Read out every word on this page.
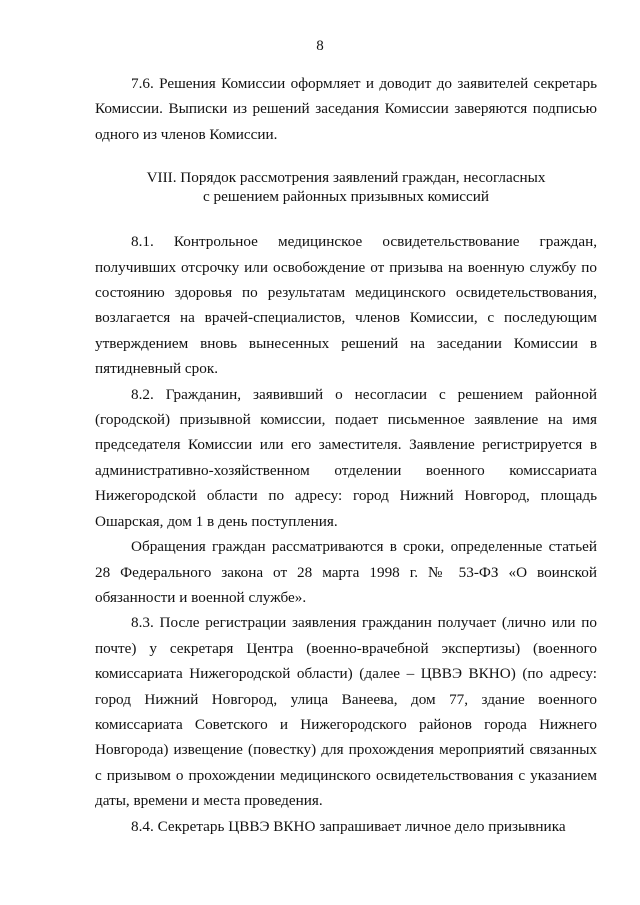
8

7.6. Решения Комиссии оформляет и доводит до заявителей секретарь Комиссии. Выписки из решений заседания Комиссии заверяются подписью одного из членов Комиссии.

VIII. Порядок рассмотрения заявлений граждан, несогласных
с решением районных призывных комиссий

8.1. Контрольное медицинское освидетельствование граждан, получивших отсрочку или освобождение от призыва на военную службу по состоянию здоровья по результатам медицинского освидетельствования, возлагается на врачей-специалистов, членов Комиссии, с последующим утверждением вновь вынесенных решений на заседании Комиссии в пятидневный срок.

8.2. Гражданин, заявивший о несогласии с решением районной (городской) призывной комиссии, подает письменное заявление на имя председателя Комиссии или его заместителя. Заявление регистрируется в административно-хозяйственном отделении военного комиссариата Нижегородской области по адресу: город Нижний Новгород, площадь Ошарская, дом 1 в день поступления.

Обращения граждан рассматриваются в сроки, определенные статьей 28 Федерального закона от 28 марта 1998 г. № 53-ФЗ «О воинской обязанности и военной службе».

8.3. После регистрации заявления гражданин получает (лично или по почте) у секретаря Центра (военно-врачебной экспертизы) (военного комиссариата Нижегородской области) (далее – ЦВВЭ ВКНО) (по адресу: город Нижний Новгород, улица Ванеева, дом 77, здание военного комиссариата Советского и Нижегородского районов города Нижнего Новгорода) извещение (повестку) для прохождения мероприятий связанных с призывом о прохождении медицинского освидетельствования с указанием даты, времени и места проведения.

8.4. Секретарь ЦВВЭ ВКНО запрашивает личное дело призывника
